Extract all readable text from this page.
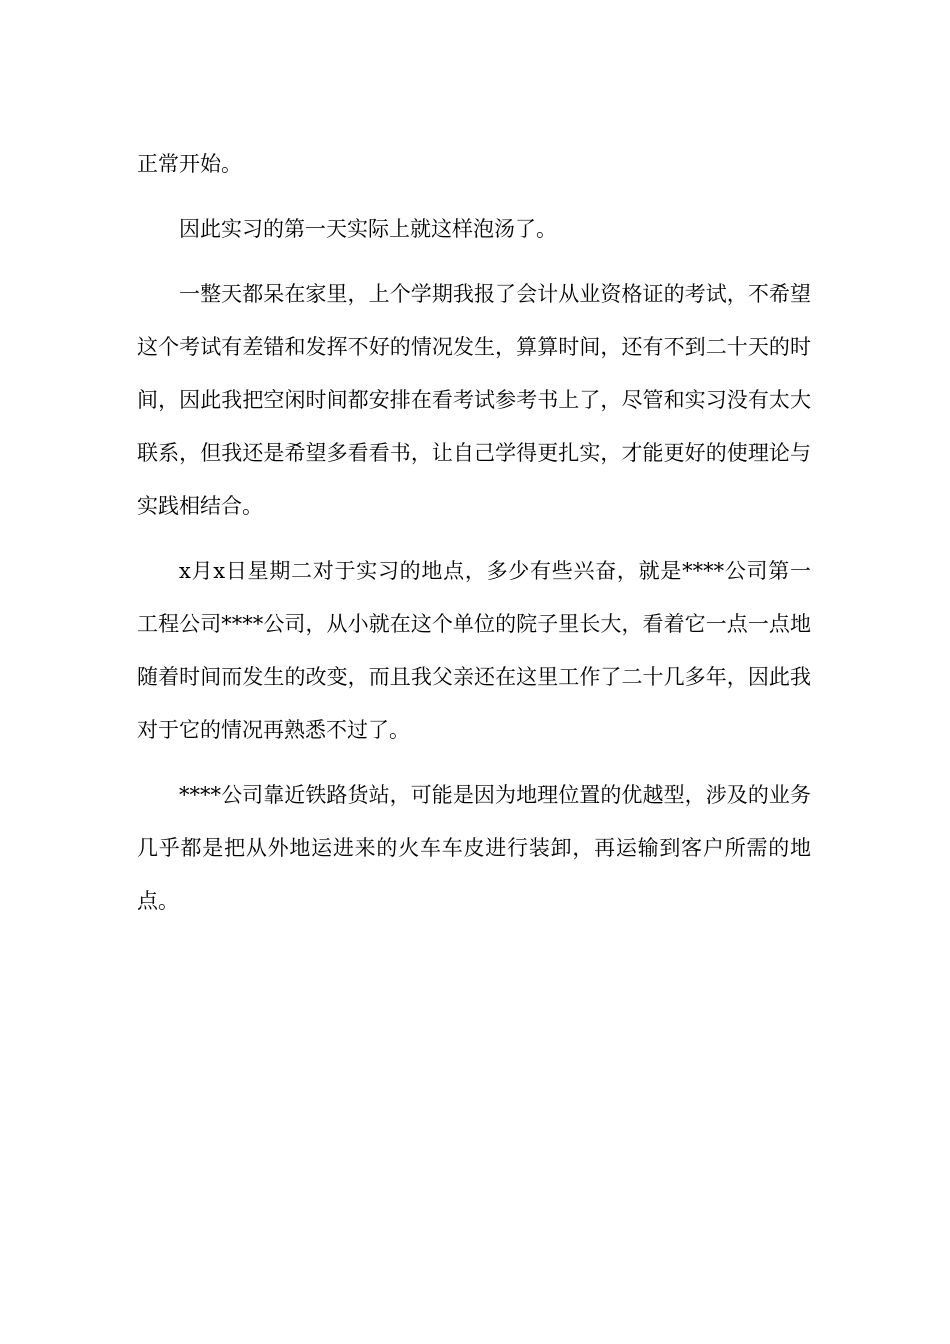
正常开始。

因此实习的第一天实际上就这样泡汤了。

一整天都呆在家里，上个学期我报了会计从业资格证的考试，不希望这个考试有差错和发挥不好的情况发生，算算时间，还有不到二十天的时间，因此我把空闲时间都安排在看考试参考书上了，尽管和实习没有太大联系，但我还是希望多看看书，让自己学得更扎实，才能更好的使理论与实践相结合。

x月x日星期二对于实习的地点，多少有些兴奋，就是****公司第一工程公司****公司，从小就在这个单位的院子里长大，看着它一点一点地随着时间而发生的改变，而且我父亲还在这里工作了二十几多年，因此我对于它的情况再熟悉不过了。

****公司靠近铁路货站，可能是因为地理位置的优越型，涉及的业务几乎都是把从外地运进来的火车车皮进行装卸，再运输到客户所需的地点。
